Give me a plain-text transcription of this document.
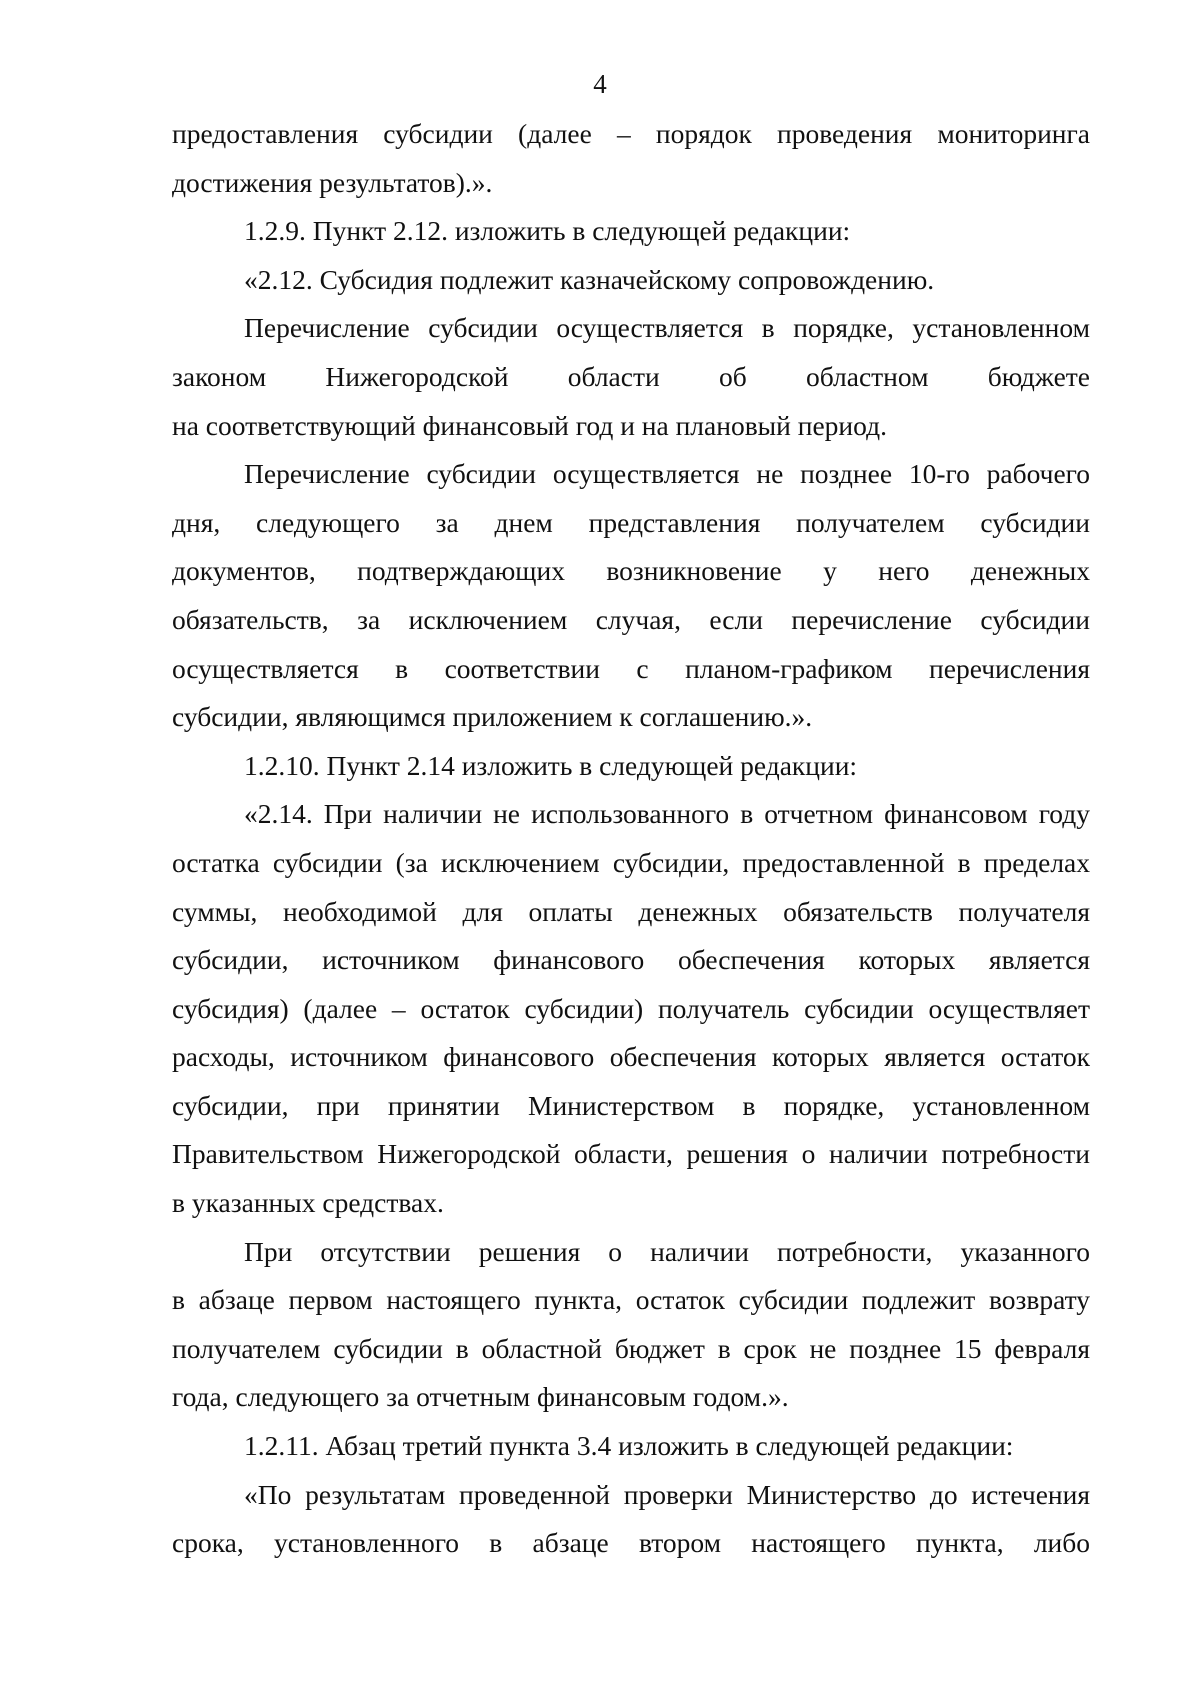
4
предоставления субсидии (далее – порядок проведения мониторинга
достижения результатов).».
1.2.9. Пункт 2.12. изложить в следующей редакции:
«2.12. Субсидия подлежит казначейскому сопровождению.
Перечисление субсидии осуществляется в порядке, установленном
законом Нижегородской области об областном бюджете
на соответствующий финансовый год и на плановый период.
Перечисление субсидии осуществляется не позднее 10-го рабочего
дня, следующего за днем представления получателем субсидии
документов, подтверждающих возникновение у него денежных
обязательств, за исключением случая, если перечисление субсидии
осуществляется в соответствии с планом-графиком перечисления
субсидии, являющимся приложением к соглашению.».
1.2.10. Пункт 2.14 изложить в следующей редакции:
«2.14. При наличии не использованного в отчетном финансовом году
остатка субсидии (за исключением субсидии, предоставленной в пределах
суммы, необходимой для оплаты денежных обязательств получателя
субсидии, источником финансового обеспечения которых является
субсидия) (далее – остаток субсидии) получатель субсидии осуществляет
расходы, источником финансового обеспечения которых является остаток
субсидии, при принятии Министерством в порядке, установленном
Правительством Нижегородской области, решения о наличии потребности
в указанных средствах.
При отсутствии решения о наличии потребности, указанного
в абзаце первом настоящего пункта, остаток субсидии подлежит возврату
получателем субсидии в областной бюджет в срок не позднее 15 февраля
года, следующего за отчетным финансовым годом.».
1.2.11. Абзац третий пункта 3.4 изложить в следующей редакции:
«По результатам проведенной проверки Министерство до истечения
срока, установленного в абзаце втором настоящего пункта, либо
